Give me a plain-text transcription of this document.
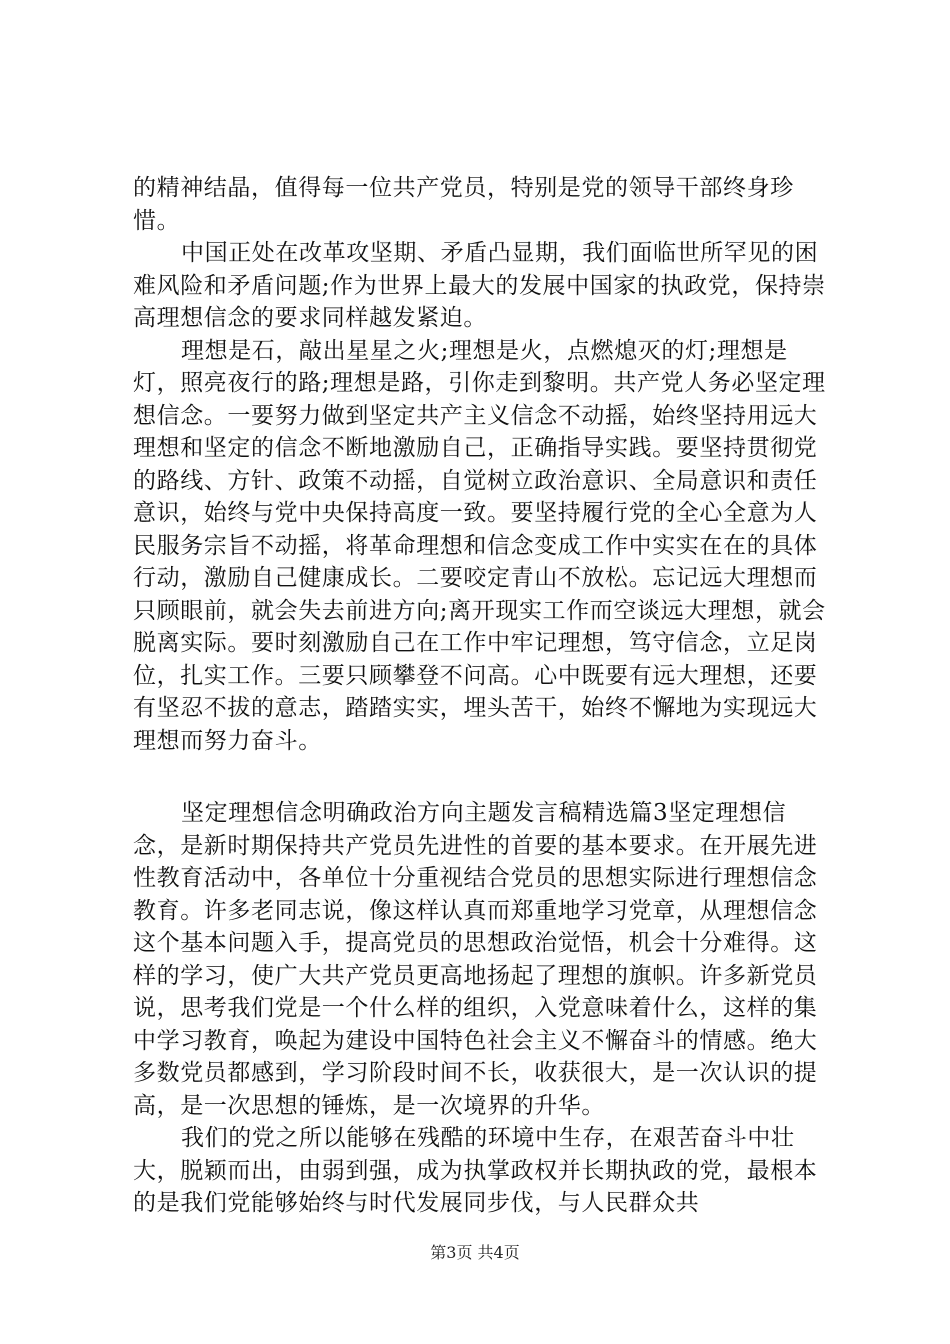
的精神结晶，值得每一位共产党员，特别是党的领导干部终身珍惜。

中国正处在改革攻坚期、矛盾凸显期，我们面临世所罕见的困难风险和矛盾问题;作为世界上最大的发展中国家的执政党，保持崇高理想信念的要求同样越发紧迫。

理想是石，敲出星星之火;理想是火，点燃熄灭的灯;理想是灯，照亮夜行的路;理想是路，引你走到黎明。共产党人务必坚定理想信念。一要努力做到坚定共产主义信念不动摇，始终坚持用远大理想和坚定的信念不断地激励自己，正确指导实践。要坚持贯彻党的路线、方针、政策不动摇，自觉树立政治意识、全局意识和责任意识，始终与党中央保持高度一致。要坚持履行党的全心全意为人民服务宗旨不动摇，将革命理想和信念变成工作中实实在在的具体行动，激励自己健康成长。二要咬定青山不放松。忘记远大理想而只顾眼前，就会失去前进方向;离开现实工作而空谈远大理想，就会脱离实际。要时刻激励自己在工作中牢记理想，笃守信念，立足岗位，扎实工作。三要只顾攀登不问高。心中既要有远大理想，还要有坚忍不拔的意志，踏踏实实，埋头苦干，始终不懈地为实现远大理想而努力奋斗。

坚定理想信念明确政治方向主题发言稿精选篇3坚定理想信念，是新时期保持共产党员先进性的首要的基本要求。在开展先进性教育活动中，各单位十分重视结合党员的思想实际进行理想信念教育。许多老同志说，像这样认真而郑重地学习党章，从理想信念这个基本问题入手，提高党员的思想政治觉悟，机会十分难得。这样的学习，使广大共产党员更高地扬起了理想的旗帜。许多新党员说，思考我们党是一个什么样的组织，入党意味着什么，这样的集中学习教育，唤起为建设中国特色社会主义不懈奋斗的情感。绝大多数党员都感到，学习阶段时间不长，收获很大，是一次认识的提高，是一次思想的锤炼，是一次境界的升华。

我们的党之所以能够在残酷的环境中生存，在艰苦奋斗中壮大，脱颖而出，由弱到强，成为执掌政权并长期执政的党，最根本的是我们党能够始终与时代发展同步伐，与人民群众共

第3页 共4页
